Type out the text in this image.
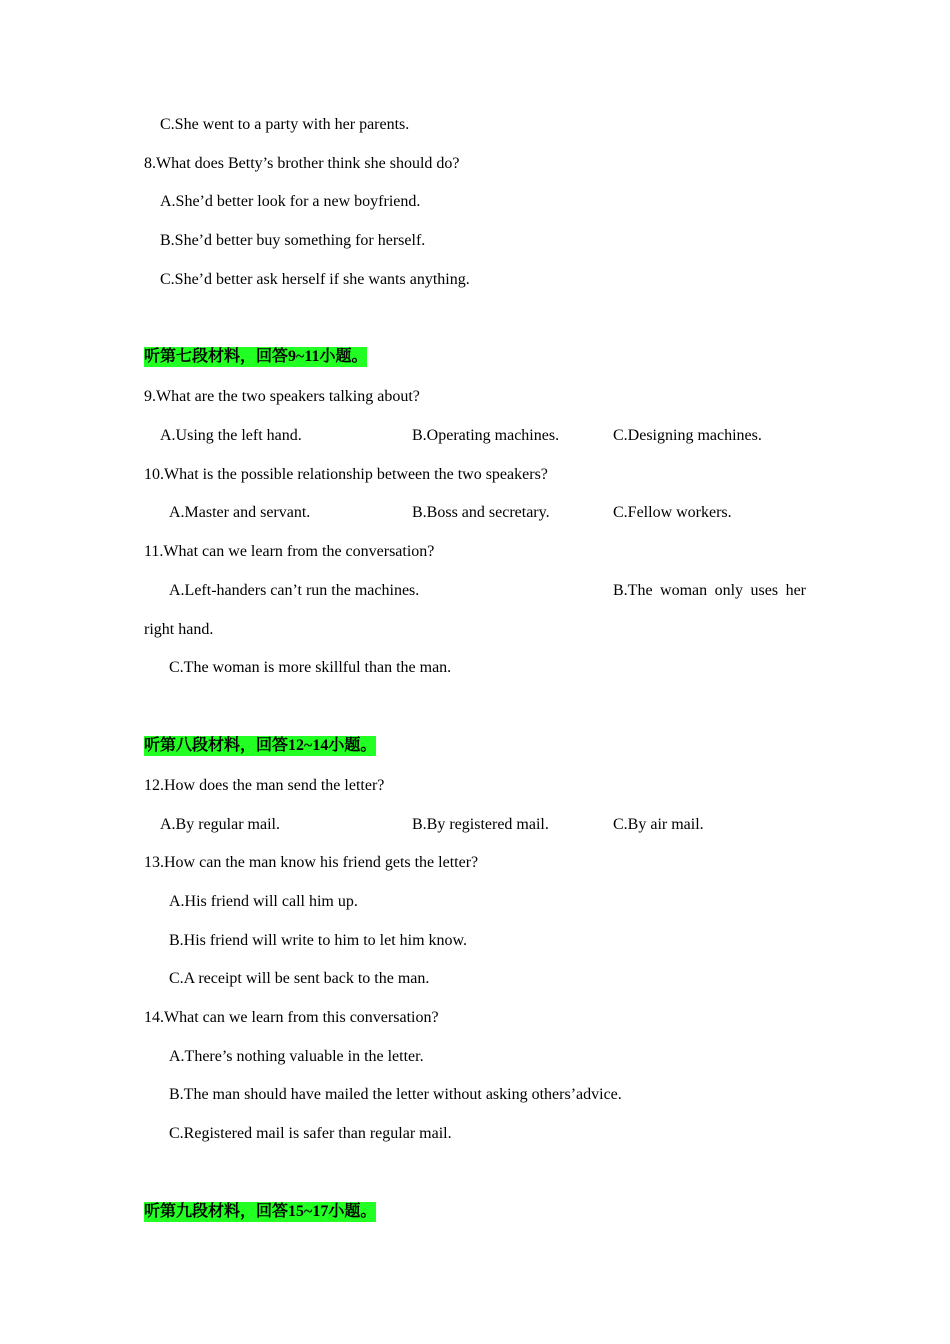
C.She went to a party with her parents.
8.What does Betty’s brother think she should do?
A.She’d better look for a new boyfriend.
B.She’d better buy something for herself.
C.She’d better ask herself if she wants anything.
听第七段材料，回答9~11小题。
9.What are the two speakers talking about?
A.Using the left hand.	B.Operating machines.	C.Designing machines.
10.What is the possible relationship between the two speakers?
A.Master and servant.	B.Boss and secretary.	C.Fellow workers.
11.What can we learn from the conversation?
A.Left-handers can’t run the machines.	B.The woman only uses her
right hand.
C.The woman is more skillful than the man.
听第八段材料，回答12~14小题。
12.How does the man send the letter?
A.By regular mail.	B.By registered mail.	C.By air mail.
13.How can the man know his friend gets the letter?
A.His friend will call him up.
B.His friend will write to him to let him know.
C.A receipt will be sent back to the man.
14.What can we learn from this conversation?
A.There’s nothing valuable in the letter.
B.The man should have mailed the letter without asking others’advice.
C.Registered mail is safer than regular mail.
听第九段材料，回答15~17小题。
